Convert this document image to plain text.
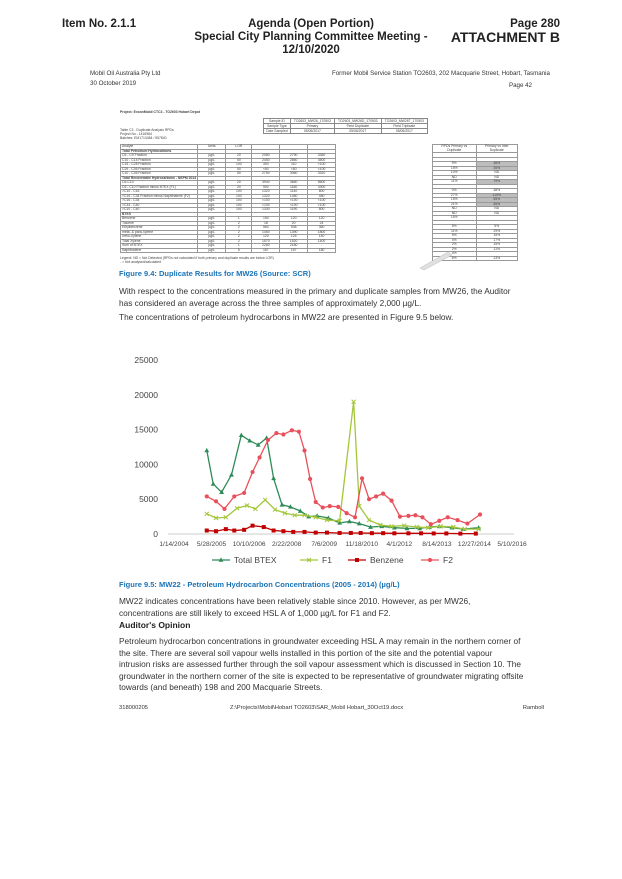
Item No. 2.1.1	Agenda (Open Portion)
Special City Planning Committee Meeting - 12/10/2020
Page 280
ATTACHMENT B
Mobil Oil Australia Pty Ltd
30 October 2019
Former Mobil Service Station TO2603, 202 Macquarie Street, Hobart, Tasmania
Page 42
Project: ExxonMobil CTC3 - TO2603 Hobart Depot
Table C3 - Duplicate Analysis RPDs
Project No.: 1416984
Batches: EM1713484 / 557840
Sample ID	TO2603_MW26_170503	TO2603_MW26D_170503	TO2603_MW26T_170503
Sample Type	Primary	Field Duplicate	Field Triplicate
Date Sampled	05/06/2017	05/06/2017	05/06/2017
Analyte	Units	LOR			
Total Petroleum Hydrocarbons					
C6 - C9 Fraction	µg/L	20	2080	2790	3350
C10 - C14 Fraction	µg/L	50	2450	2850	3500
C15 - C28 Fraction	µg/L	100	300	110	<100
C29 - C36 Fraction	µg/L	50	<50	<50	<100
C10 - C36 Fraction	µg/L	50	2750	3060	3320
Total Recoverable Hydrocarbons - NEPM 2013					
C6-C10	µg/L	20	3940	3660	5600
C6 - C10 Fraction minus BTEX (F1)	µg/L	20	900	1180	3300
>C10 - C16	µg/L	100	1320	1140	800
>C16 - C34 Fraction minus Naphthalene (F2)	µg/L	100	1320	1450	450
>C16 - C34	µg/L	100	<100	<100	<100
>C34 - C40	µg/L	100	<100	<100	<100
>C10 - C40	µg/L	100	1330	1190	800
BTEX					
Benzene	µg/L	1	154	120	120
Toluene	µg/L	2	18	20	24
Ethylbenzene	µg/L	2	564	538	360
meta- & para-Xylene	µg/L	2	1450	1390	1800
ortho-Xylene	µg/L	2	120	125	140
Total Xylene	µg/L	2	1570	1520	1400
Sum of BTEX	µg/L	1	2260	2180	-
Naphthalene	µg/L	5	167	157	180
RPDs Primary vs Duplicate	Primary vs Inter Duplicate

9%	38%
15%	35%
10%	ND
ND	ND
11%	79%

0%	38%
27%	115%
15%	55%
21%	55%
ND	ND
ND	ND
15%	

5%	5%
11%	29%
5%	15%
4%	17%
2%	15%
2%	11%
4%	
6%	13%
Legend: ND = Not Detected (RPDs not calculated if both primary and duplicate results are below LOR)
- = Not analysed/calculated
Figure 9.4: Duplicate Results for MW26 (Source: SCR)
With respect to the concentrations measured in the primary and duplicate samples from MW26, the Auditor has considered an average across the three samples of approximately 2,000 µg/L.
The concentrations of petroleum hydrocarbons in MW22 are presented in Figure 9.5 below.
0
5000
10000
15000
20000
25000
1/14/2004 5/28/2005 10/10/2006 2/22/2008 7/6/2009 11/18/2010 4/1/2012 8/14/2013 12/27/2014 5/10/2016
Total BTEX	F1	Benzene	F2
Figure 9.5: MW22 - Petroleum Hydrocarbon Concentrations (2005 - 2014) (µg/L)
MW22 indicates concentrations have been relatively stable since 2010. However, as per MW26, concentrations are still likely to exceed HSL A of 1,000 µg/L for F1 and F2.
Auditor's Opinion
Petroleum hydrocarbon concentrations in groundwater exceeding HSL A may remain in the northern corner of the site. There are several soil vapour wells installed in this portion of the site and the potential vapour intrusion risks are assessed further through the soil vapour assessment which is discussed in Section 10. The groundwater in the northern corner of the site is expected to be representative of groundwater migrating offsite towards (and beneath) 198 and 200 Macquarie Streets.
318000205	Z:\Projects\Mobil\Hobart TO2603\SAR_Mobil Hobart_30Oct19.docx	Ramboll
